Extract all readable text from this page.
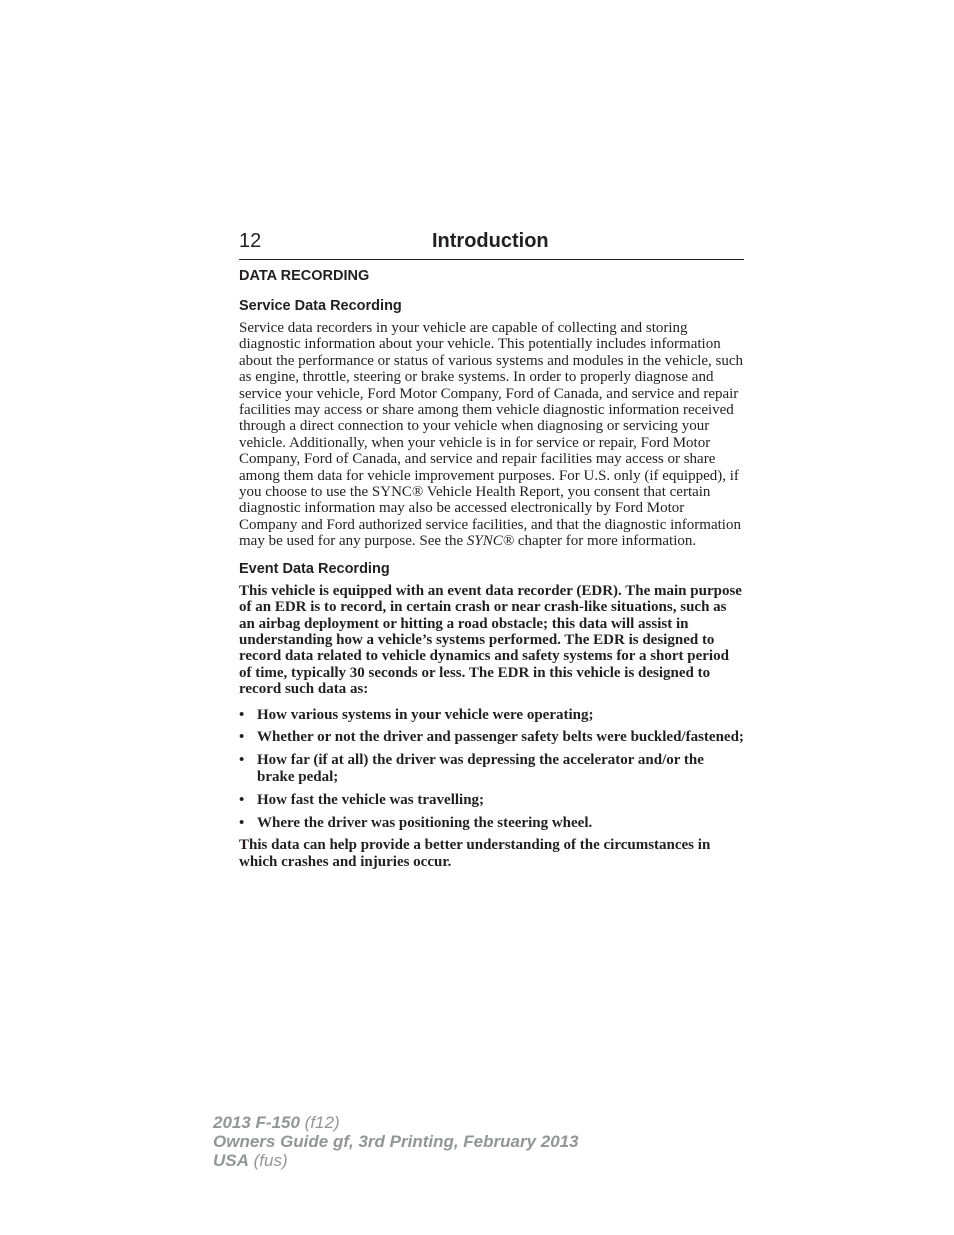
12	Introduction
DATA RECORDING
Service Data Recording

Service data recorders in your vehicle are capable of collecting and storing diagnostic information about your vehicle. This potentially includes information about the performance or status of various systems and modules in the vehicle, such as engine, throttle, steering or brake systems. In order to properly diagnose and service your vehicle, Ford Motor Company, Ford of Canada, and service and repair facilities may access or share among them vehicle diagnostic information received through a direct connection to your vehicle when diagnosing or servicing your vehicle. Additionally, when your vehicle is in for service or repair, Ford Motor Company, Ford of Canada, and service and repair facilities may access or share among them data for vehicle improvement purposes. For U.S. only (if equipped), if you choose to use the SYNC® Vehicle Health Report, you consent that certain diagnostic information may also be accessed electronically by Ford Motor Company and Ford authorized service facilities, and that the diagnostic information may be used for any purpose. See the SYNC® chapter for more information.

Event Data Recording

This vehicle is equipped with an event data recorder (EDR). The main purpose of an EDR is to record, in certain crash or near crash-like situations, such as an airbag deployment or hitting a road obstacle; this data will assist in understanding how a vehicle’s systems performed. The EDR is designed to record data related to vehicle dynamics and safety systems for a short period of time, typically 30 seconds or less. The EDR in this vehicle is designed to record such data as:

• How various systems in your vehicle were operating;
• Whether or not the driver and passenger safety belts were buckled/fastened;
• How far (if at all) the driver was depressing the accelerator and/or the brake pedal;
• How fast the vehicle was travelling;
• Where the driver was positioning the steering wheel.

This data can help provide a better understanding of the circumstances in which crashes and injuries occur.

2013 F-150 (f12)
Owners Guide gf, 3rd Printing, February 2013
USA (fus)
